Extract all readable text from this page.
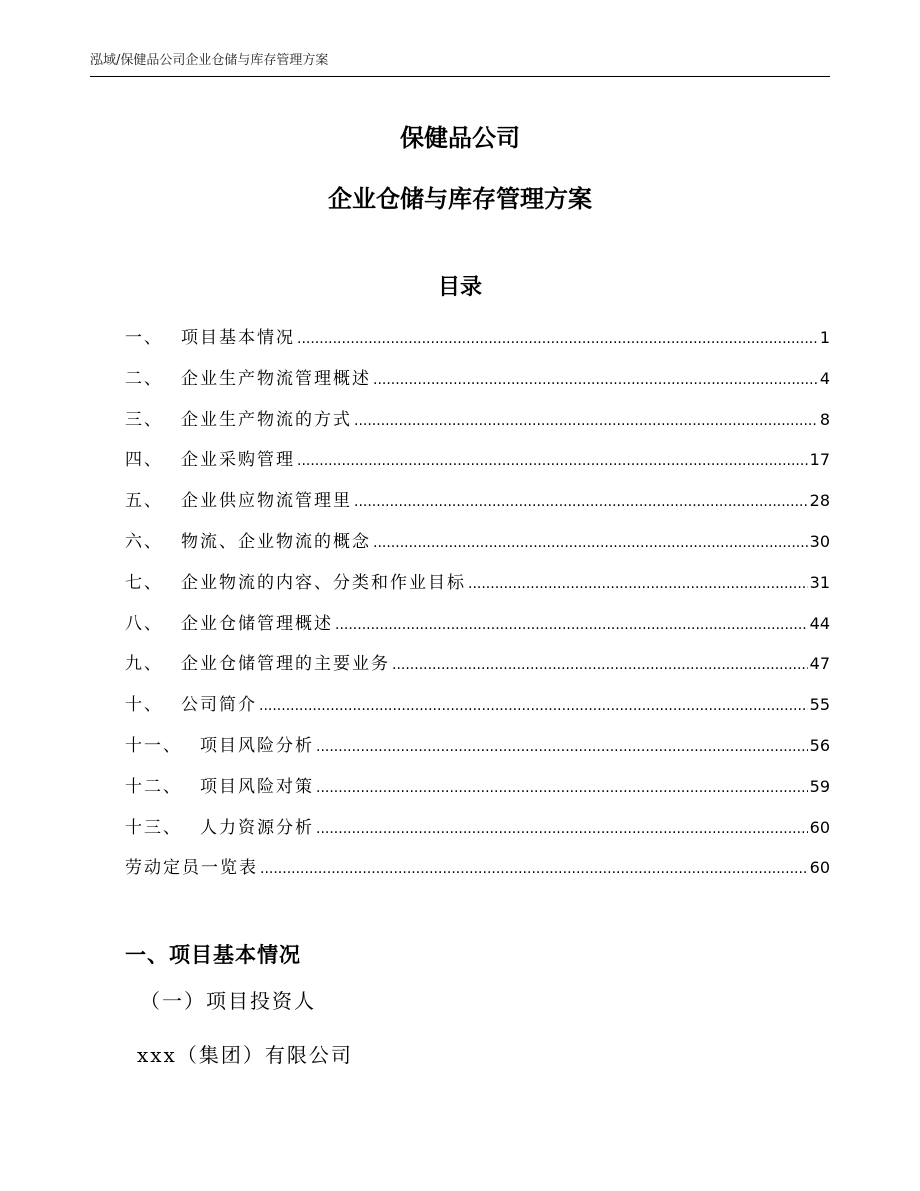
泓域/保健品公司企业仓储与库存管理方案
保健品公司
企业仓储与库存管理方案
目录
一、 项目基本情况 .....	1
二、 企业生产物流管理概述 .....	4
三、 企业生产物流的方式 .....	8
四、 企业采购管理 .....	17
五、 企业供应物流管理里 .....	28
六、 物流、企业物流的概念 .....	30
七、 企业物流的内容、分类和作业目标 .....	31
八、 企业仓储管理概述 .....	44
九、 企业仓储管理的主要业务 .....	47
十、 公司简介 .....	55
十一、 项目风险分析 .....	56
十二、 项目风险对策 .....	59
十三、 人力资源分析 .....	60
劳动定员一览表 .....	60
一、项目基本情况
（一）项目投资人
xxx（集团）有限公司
